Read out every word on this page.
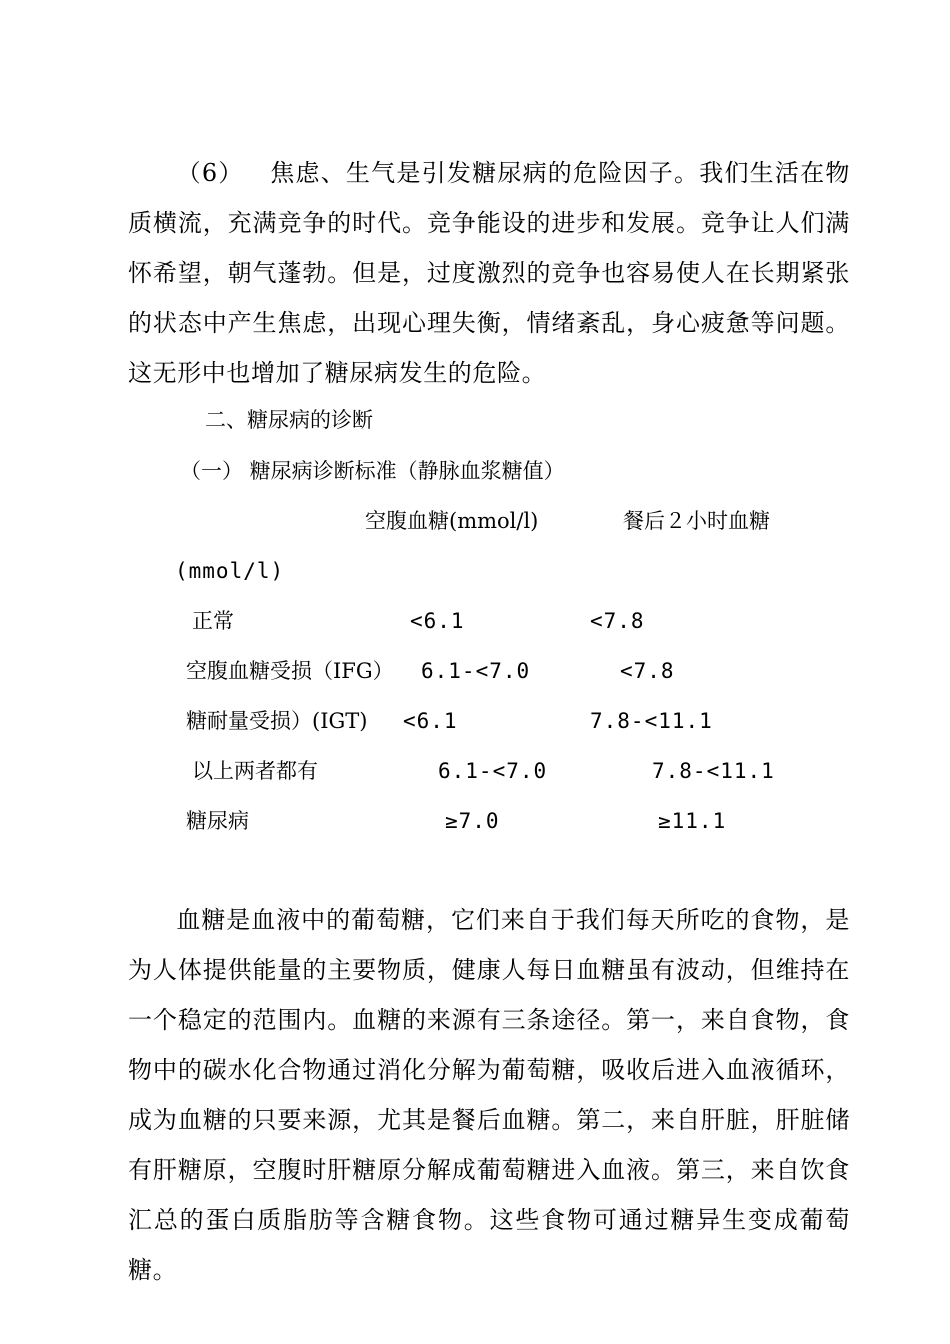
（6） 焦虑、生气是引发糖尿病的危险因子。我们生活在物质横流，充满竞争的时代。竞争能设的进步和发展。竞争让人们满怀希望，朝气蓬勃。但是，过度激烈的竞争也容易使人在长期紧张的状态中产生焦虑，出现心理失衡，情绪紊乱，身心疲惫等问题。这无形中也增加了糖尿病发生的危险。

二、糖尿病的诊断
（一） 糖尿病诊断标准（静脉血浆糖值）
空腹血糖(mmol/l)	餐后２小时血糖
(mmol/l)
正常	<6.1	<7.8
空腹血糖受损（IFG） 6.1-<7.0	<7.8
糖耐量受损）(IGT) <6.1	7.8-<11.1
以上两者都有	6.1-<7.0	7.8-<11.1
糖尿病	≥7.0	≥11.1

血糖是血液中的葡萄糖，它们来自于我们每天所吃的食物，是为人体提供能量的主要物质，健康人每日血糖虽有波动，但维持在一个稳定的范围内。血糖的来源有三条途径。第一，来自食物，食物中的碳水化合物通过消化分解为葡萄糖，吸收后进入血液循环，成为血糖的只要来源，尤其是餐后血糖。第二，来自肝脏，肝脏储有肝糖原，空腹时肝糖原分解成葡萄糖进入血液。第三，来自饮食汇总的蛋白质脂肪等含糖食物。这些食物可通过糖异生变成葡萄糖。
